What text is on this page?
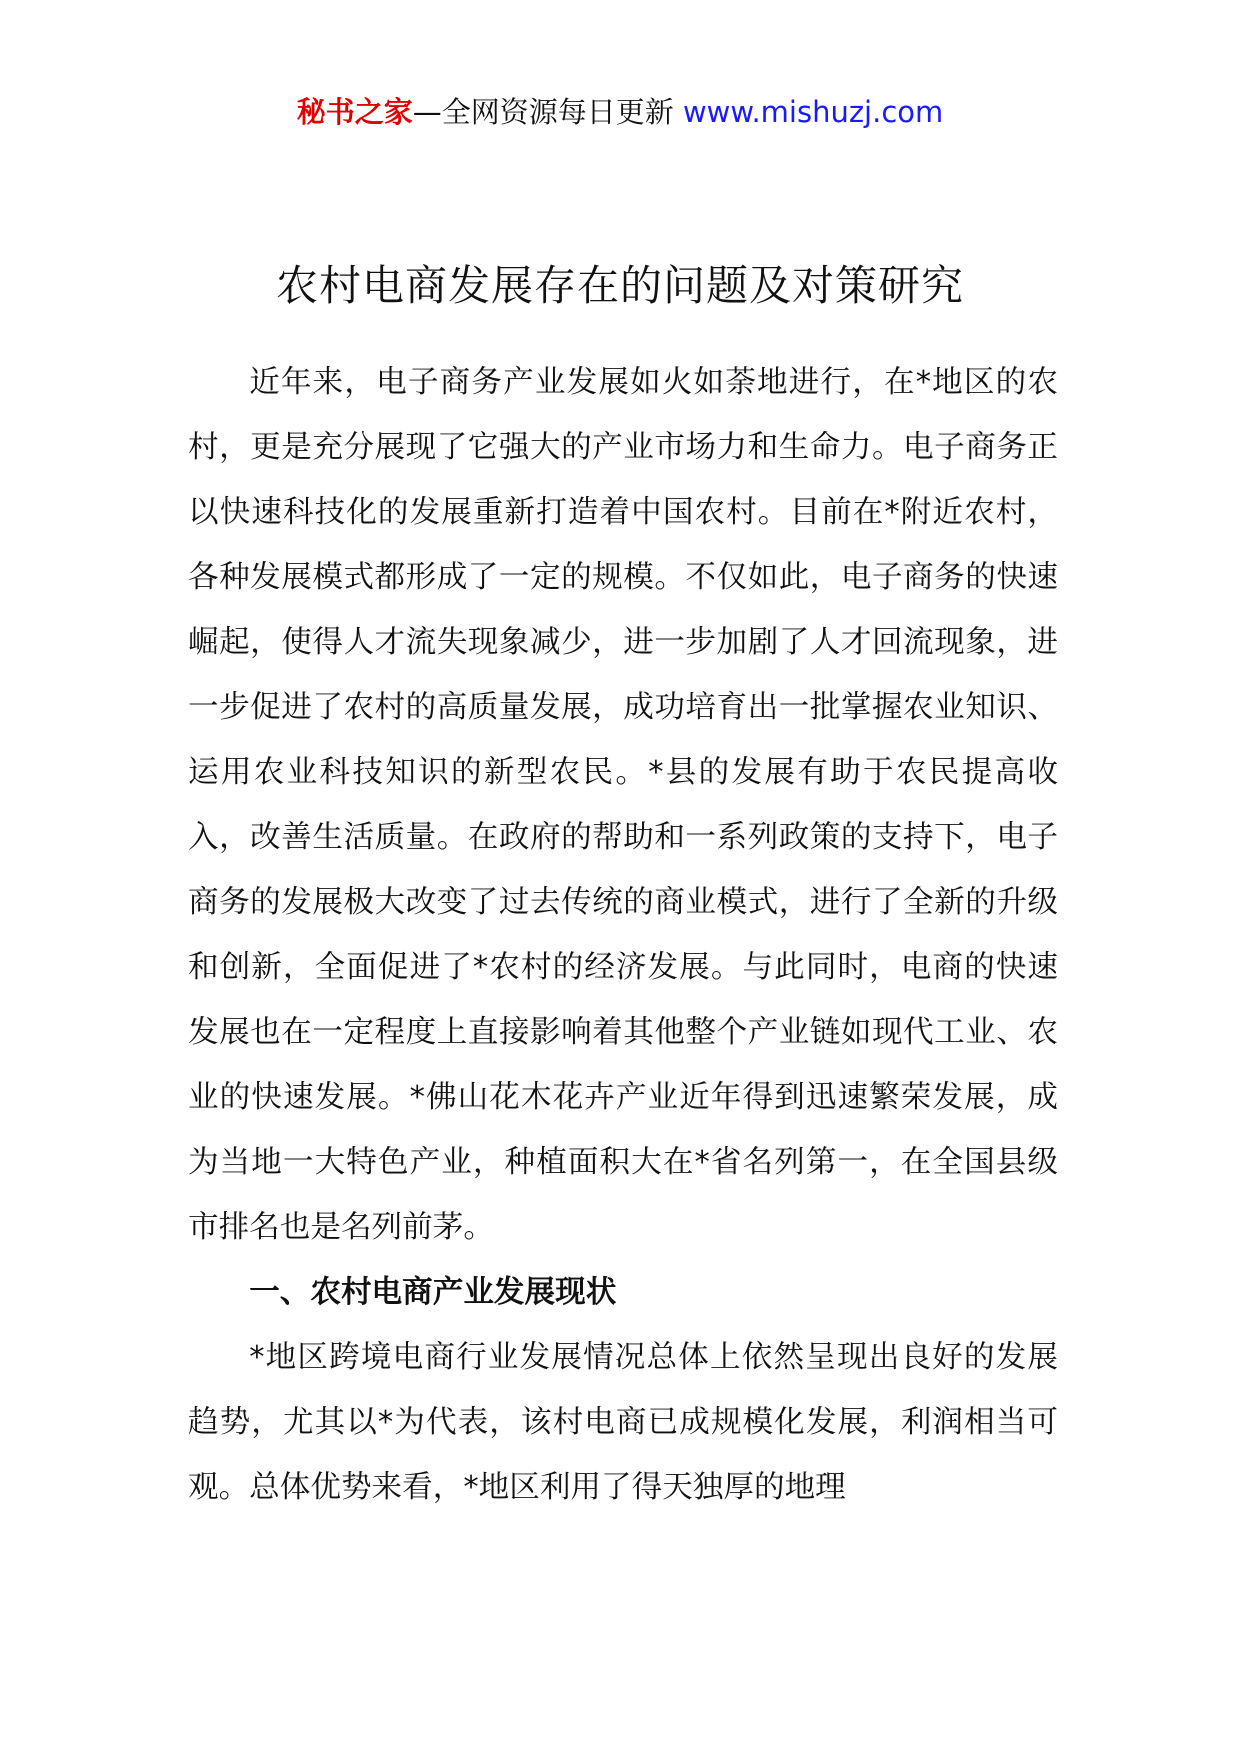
秘书之家—全网资源每日更新 www.mishuzj.com
农村电商发展存在的问题及对策研究

近年来，电子商务产业发展如火如荼地进行，在*地区的农村，更是充分展现了它强大的产业市场力和生命力。电子商务正以快速科技化的发展重新打造着中国农村。目前在*附近农村，各种发展模式都形成了一定的规模。不仅如此，电子商务的快速崛起，使得人才流失现象减少，进一步加剧了人才回流现象，进一步促进了农村的高质量发展，成功培育出一批掌握农业知识、运用农业科技知识的新型农民。*县的发展有助于农民提高收入，改善生活质量。在政府的帮助和一系列政策的支持下，电子商务的发展极大改变了过去传统的商业模式，进行了全新的升级和创新，全面促进了*农村的经济发展。与此同时，电商的快速发展也在一定程度上直接影响着其他整个产业链如现代工业、农业的快速发展。*佛山花木花卉产业近年得到迅速繁荣发展，成为当地一大特色产业，种植面积大在*省名列第一，在全国县级市排名也是名列前茅。

一、农村电商产业发展现状

*地区跨境电商行业发展情况总体上依然呈现出良好的发展趋势，尤其以*为代表，该村电商已成规模化发展，利润相当可观。总体优势来看，*地区利用了得天独厚的地理
